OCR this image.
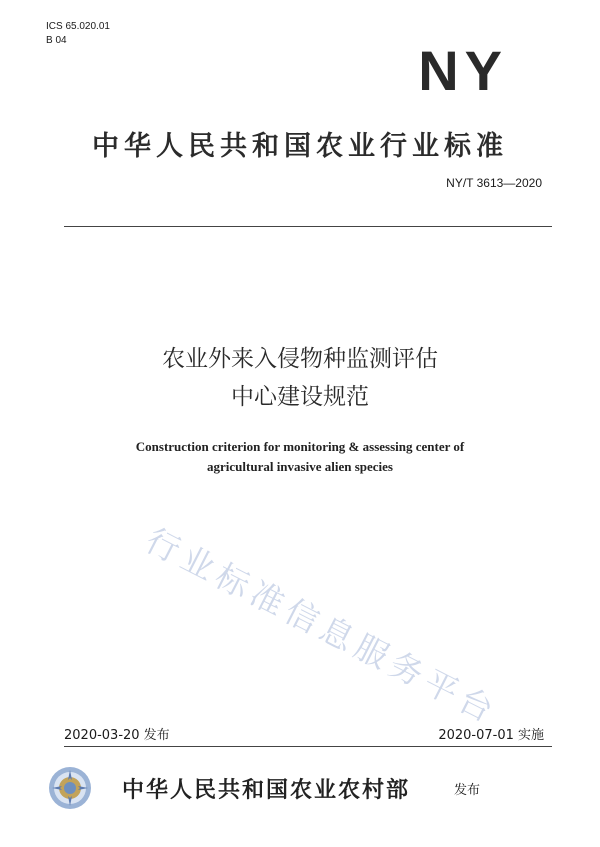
ICS 65.020.01
B 04	NY
中华人民共和国农业行业标准
NY/T 3613—2020
农业外来入侵物种监测评估
中心建设规范
Construction criterion for monitoring & assessing center of
agricultural invasive alien species
行业标准信息服务平台
2020-03-20 发布	2020-07-01 实施
中华人民共和国农业农村部	发布
